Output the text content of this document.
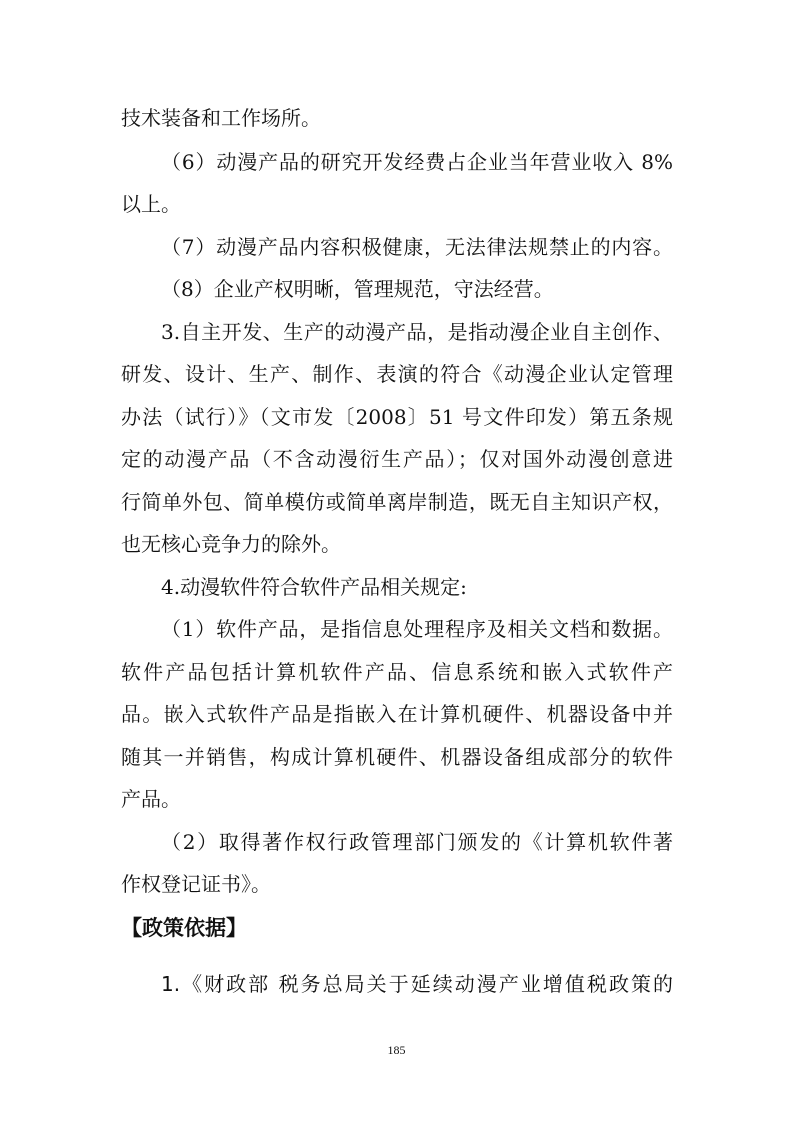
技术装备和工作场所。
（6）动漫产品的研究开发经费占企业当年营业收入 8%
以上。
（7）动漫产品内容积极健康，无法律法规禁止的内容。
（8）企业产权明晰，管理规范，守法经营。
3.自主开发、生产的动漫产品，是指动漫企业自主创作、
研发、设计、生产、制作、表演的符合《动漫企业认定管理
办法（试行）》（文市发〔2008〕51 号文件印发）第五条规
定的动漫产品（不含动漫衍生产品）；仅对国外动漫创意进
行简单外包、简单模仿或简单离岸制造，既无自主知识产权，
也无核心竞争力的除外。
4.动漫软件符合软件产品相关规定:
（1）软件产品，是指信息处理程序及相关文档和数据。
软件产品包括计算机软件产品、信息系统和嵌入式软件产
品。嵌入式软件产品是指嵌入在计算机硬件、机器设备中并
随其一并销售，构成计算机硬件、机器设备组成部分的软件
产品。
（2）取得著作权行政管理部门颁发的《计算机软件著
作权登记证书》。
【政策依据】
1.《财政部 税务总局关于延续动漫产业增值税政策的
185
